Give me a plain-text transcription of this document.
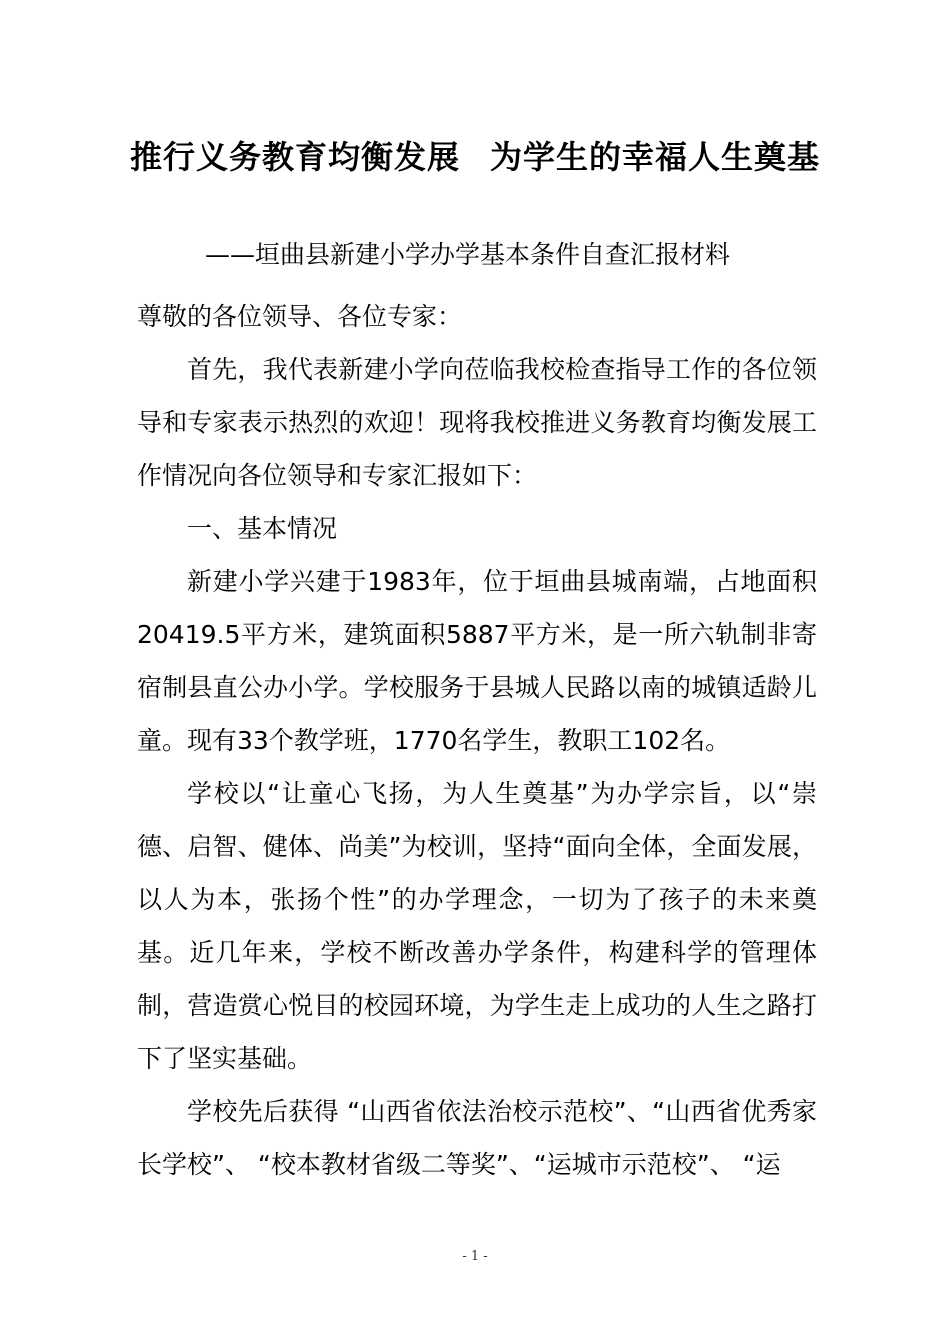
推行义务教育均衡发展 为学生的幸福人生奠基

——垣曲县新建小学办学基本条件自查汇报材料

尊敬的各位领导、各位专家：

首先，我代表新建小学向莅临我校检查指导工作的各位领导和专家表示热烈的欢迎！现将我校推进义务教育均衡发展工作情况向各位领导和专家汇报如下：

一、基本情况

新建小学兴建于1983年，位于垣曲县城南端，占地面积20419.5平方米，建筑面积5887平方米，是一所六轨制非寄宿制县直公办小学。学校服务于县城人民路以南的城镇适龄儿童。现有33个教学班，1770名学生，教职工102名。

学校以“让童心飞扬，为人生奠基”为办学宗旨，以“崇德、启智、健体、尚美”为校训，坚持“面向全体，全面发展，以人为本，张扬个性”的办学理念，一切为了孩子的未来奠基。近几年来，学校不断改善办学条件，构建科学的管理体制，营造赏心悦目的校园环境，为学生走上成功的人生之路打下了坚实基础。

学校先后获得 “山西省依法治校示范校”、“山西省优秀家长学校”、 “校本教材省级二等奖”、“运城市示范校”、 “运

- 1 -
